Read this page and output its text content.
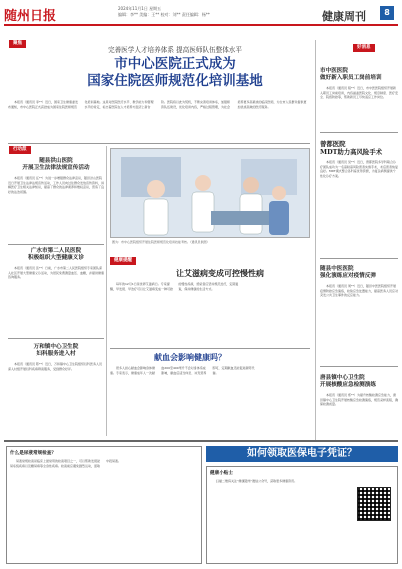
随州日报
2024年11月1日 星期五
编辑：李** 美编：王** 校对：刘** 责任编辑：杨**	健康周刊	8
聚焦
完善医学人才培养体系 提高医师队伍整体水平
市中心医院正式成为
国家住院医师规范化培训基地

本报讯（通讯员 李**）近日，国家卫生健康委发布通知，市中心医院正式获批成为国家住院医师规范化培训基地。这是对医院医疗水平、教学能力和管理水平的肯定，标志着医院在人才培养方面迈上新台阶。医院将以此为契机，不断完善培训体系，加强师资队伍建设，优化培训内容，严格过程管理，为社会培养更多高素质的临床医师，为全市人民群众提供更加优质高效的医疗服务。

好消息
市中医医院
做好新入职员工岗前培训

本报讯（通讯员 程**）近日，市中医医院组织开展新入职员工岗前培训，内容涵盖医院文化、规章制度、医疗安全、院感防控等，帮助新员工尽快适应工作岗位。

曾都医院
MDT助力高风险手术

本报讯（通讯员 吴**）近日，曾都医院多学科联合诊疗团队成功为一名高龄高风险患者实施手术，术后患者恢复良好。MDT模式整合各科室优势资源，为复杂病例提供个性化诊疗方案。

随县中医医院
强化演练应对疫情反弹

本报讯（通讯员 周**）近日，随县中医医院组织开展疫情防控应急演练，检验应急处置能力，提高医务人员应对突发公共卫生事件的反应能力。

唐县镇中心卫生院
开展核酸应急检测演练

本报讯（通讯员 郑**）为提升核酸检测应急能力，唐县镇中心卫生院开展核酸应急检测演练，规范采样流程，确保检测质量。

行动派
随县洪山医院
开展卫生法律法规宣传活动

本报讯（通讯员 汪**）为进一步增强群众法律意识，随县洪山医院近日开展卫生法律法规宣传活动，工作人员向过往群众发放宣传资料，讲解医疗卫生相关法律知识，提高了群众的法律素养和维权意识，营造了良好的法治氛围。

广水市第二人民医院
积极组织大型健康义诊

本报讯（通讯员 张**）日前，广水市第二人民医院组织专家团队深入社区开展大型健康义诊活动，为居民免费测量血压、血糖，并提供健康咨询服务。

万和镇中心卫生院
妇科服务进入村

本报讯（通讯员 陈**）近日，万和镇中心卫生院组织妇科医务人员深入村组开展妇科疾病筛查服务，受到群众好评。

图为：市中心医院组织开展住院医师规范化培训技能考核。（通讯员供图）
健康提醒
让艾滋病变成可控慢性病

每年的12月1日是世界艾滋病日。专家提醒，早发现、早治疗可以让艾滋病变成一种可控的慢性疾病，感染者应坚持规范治疗，定期复查，保持健康的生活方式。

献血会影响健康吗？

很多人担心献血会影响身体健康。专家表示，健康成年人一次献血200至400毫升不会对身体造成影响，献血后适当休息、补充营养即可，定期献血还能促进新陈代谢。

什么是尿液常规检查？

尿液常规检查是临床上最常用的检查项目之一，可以帮助发现泌尿系统疾病以及糖尿病等全身性疾病。检查前应避免剧烈运动，留取中段尿液。

如何领取医保电子凭证？
健康小贴士

扫描二维码关注“健康随州”微信公众号，获取更多健康资讯。
